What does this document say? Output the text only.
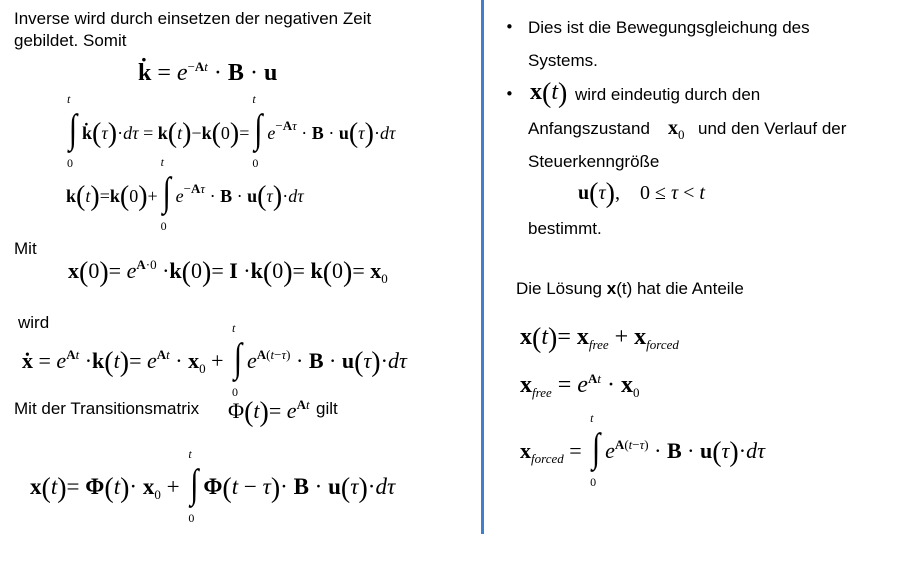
Inverse wird durch einsetzen der negativen Zeit
gebildet. Somit
k̇ = $e^{-At} \cdot B \cdot u$
t
∫
0
k̇(τ)·dτ = k(t)−k(0)=
t
∫
0
$e^{-A\tau} \cdot B \cdot u(\tau)\cdot d\tau$
k(t)=k(0)+
t
∫
0
$e^{-A\tau} \cdot B \cdot u(\tau)\cdot d\tau$
Mit
$x(0)= e^{A\cdot 0} \cdot k(0)= I \cdot k(0)= k(0)= x_0$
wird
ẋ = $e^{At} \cdot k(t)= e^{At} \cdot x_0$ +
t
∫
0
$e^{A(t-\tau)} \cdot B \cdot u(\tau)\cdot d\tau$
Mit der Transitionsmatrix $\Phi(t)= e^{At}$ gilt
$x(t)= \Phi(t)\cdot x_0$ +
t
∫
0
Φ(t − τ)· B · u(τ)·dτ
• Dies ist die Bewegungsgleichung des
Systems.
• x(t) wird eindeutig durch den
Anfangszustand $x_0$ und den Verlauf der
Steuerkenngröße
u(τ),    0 ≤ τ < t
bestimmt.
Die Lösung x(t) hat die Anteile
$x(t)= x_{free} + x_{forced}$
$x_{free} = e^{At} \cdot x_0$
$x_{forced}$ =
t
∫
0
$e^{A(t-\tau)} \cdot B \cdot u(\tau)\cdot d\tau$
